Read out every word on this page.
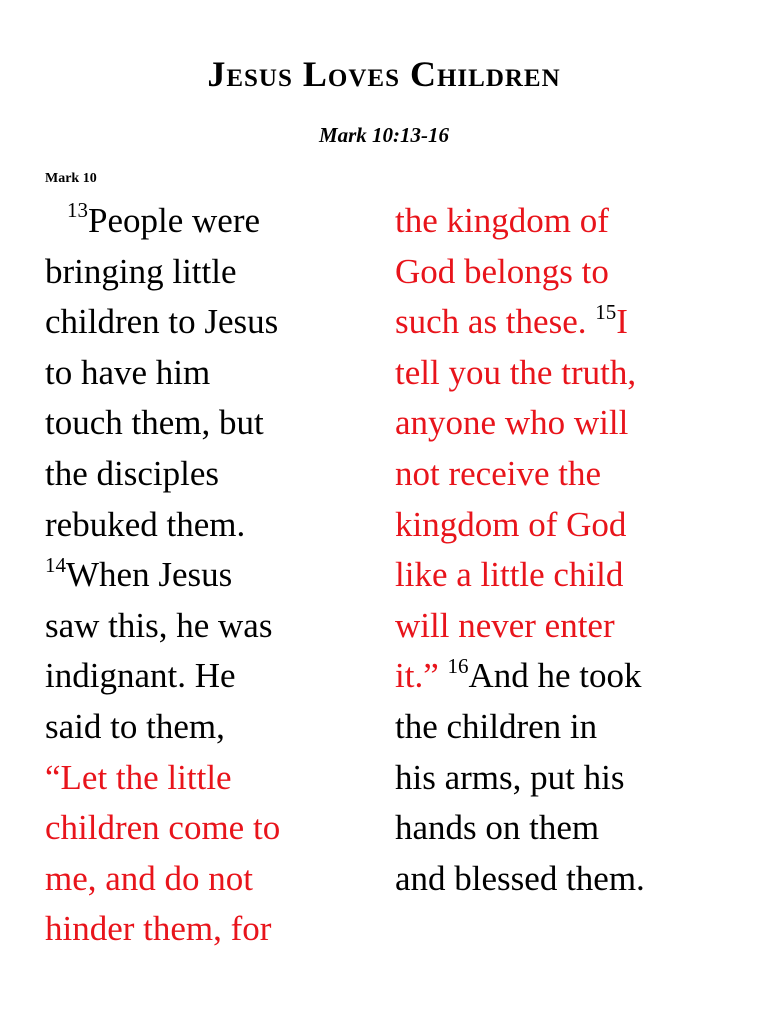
Jesus Loves Children
Mark 10:13-16
Mark 10
$^{13}$People were
bringing little
children to Jesus
to have him
touch them, but
the disciples
rebuked them.
$^{14}$When Jesus
saw this, he was
indignant. He
said to them,
“Let the little
children come to
me, and do not
hinder them, for
the kingdom of
God belongs to
such as these. $^{15}$I
tell you the truth,
anyone who will
not receive the
kingdom of God
like a little child
will never enter
it.” $^{16}$And he took
the children in
his arms, put his
hands on them
and blessed them.
